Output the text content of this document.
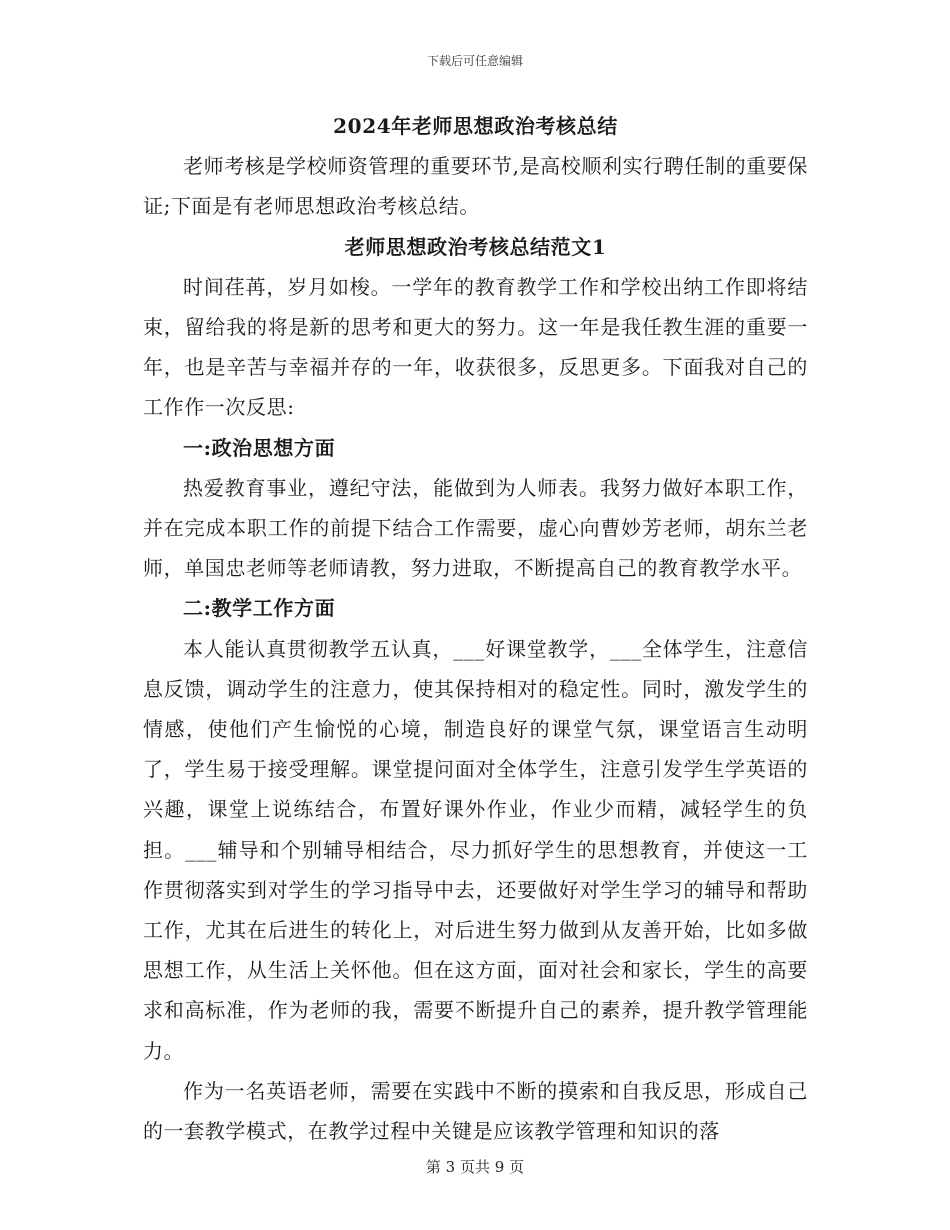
下载后可任意编辑

2024年老师思想政治考核总结

老师考核是学校师资管理的重要环节,是高校顺利实行聘任制的重要保证;下面是有老师思想政治考核总结。

老师思想政治考核总结范文1

时间荏苒，岁月如梭。一学年的教育教学工作和学校出纳工作即将结束，留给我的将是新的思考和更大的努力。这一年是我任教生涯的重要一年，也是辛苦与幸福并存的一年，收获很多，反思更多。下面我对自己的工作作一次反思:

一:政治思想方面

热爱教育事业，遵纪守法，能做到为人师表。我努力做好本职工作，并在完成本职工作的前提下结合工作需要，虚心向曹妙芳老师，胡东兰老师，单国忠老师等老师请教，努力进取，不断提高自己的教育教学水平。

二:教学工作方面

本人能认真贯彻教学五认真，___好课堂教学，___全体学生，注意信息反馈，调动学生的注意力，使其保持相对的稳定性。同时，激发学生的情感，使他们产生愉悦的心境，制造良好的课堂气氛，课堂语言生动明了，学生易于接受理解。课堂提问面对全体学生，注意引发学生学英语的兴趣，课堂上说练结合，布置好课外作业，作业少而精，减轻学生的负担。___辅导和个别辅导相结合，尽力抓好学生的思想教育，并使这一工作贯彻落实到对学生的学习指导中去，还要做好对学生学习的辅导和帮助工作，尤其在后进生的转化上，对后进生努力做到从友善开始，比如多做思想工作，从生活上关怀他。但在这方面，面对社会和家长，学生的高要求和高标准，作为老师的我，需要不断提升自己的素养，提升教学管理能力。

作为一名英语老师，需要在实践中不断的摸索和自我反思，形成自己的一套教学模式，在教学过程中关键是应该教学管理和知识的落

第 3 页共 9 页
